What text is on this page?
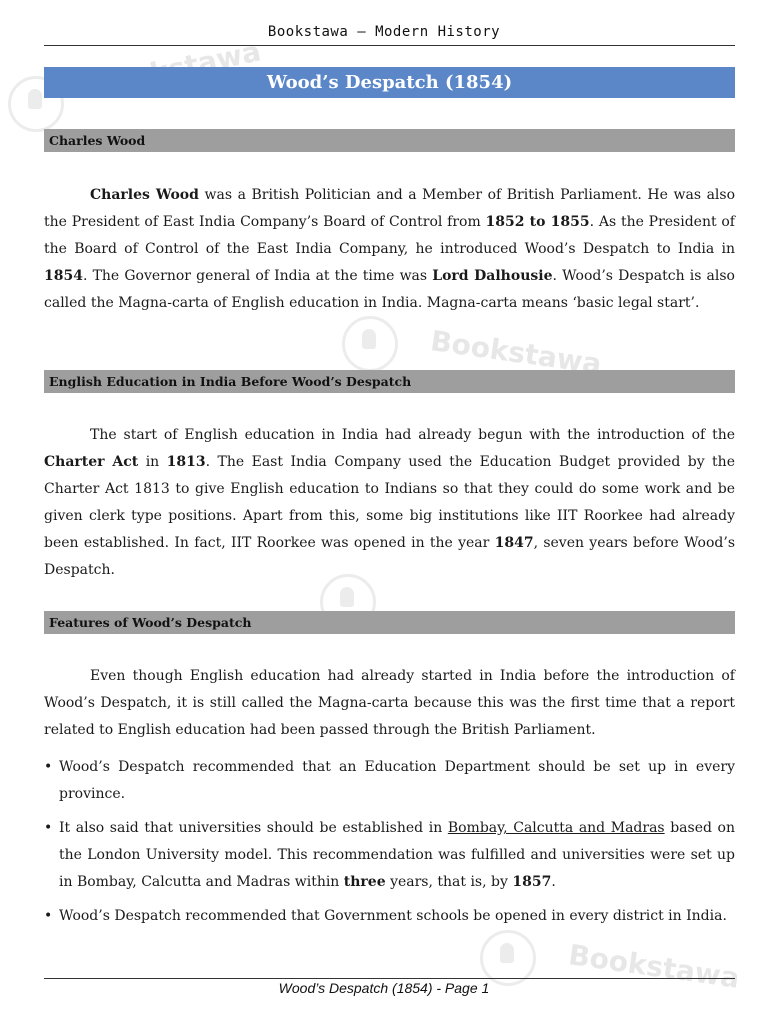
Bookstawa – Modern History
Bookstawa
Bookstawa
Wood’s Despatch (1854)
Charles Wood

Charles Wood was a British Politician and a Member of British Parliament. He was also the President of East India Company’s Board of Control from 1852 to 1855. As the President of the Board of Control of the East India Company, he introduced Wood’s Despatch to India in 1854. The Governor general of India at the time was Lord Dalhousie. Wood’s Despatch is also called the Magna-carta of English education in India. Magna-carta means ‘basic legal start’.

English Education in India Before Wood’s Despatch

The start of English education in India had already begun with the introduction of the Charter Act in 1813. The East India Company used the Education Budget provided by the Charter Act 1813 to give English education to Indians so that they could do some work and be given clerk type positions. Apart from this, some big institutions like IIT Roorkee had already been established. In fact, IIT Roorkee was opened in the year 1847, seven years before Wood’s Despatch.

Features of Wood’s Despatch

Even though English education had already started in India before the introduction of Wood’s Despatch, it is still called the Magna-carta because this was the first time that a report related to English education had been passed through the British Parliament.

• Wood’s Despatch recommended that an Education Department should be set up in every province.
• It also said that universities should be established in Bombay, Calcutta and Madras based on the London University model. This recommendation was fulfilled and universities were set up in Bombay, Calcutta and Madras within three years, that is, by 1857.
• Wood’s Despatch recommended that Government schools be opened in every district in India.
Wood’s Despatch (1854) - Page 1
